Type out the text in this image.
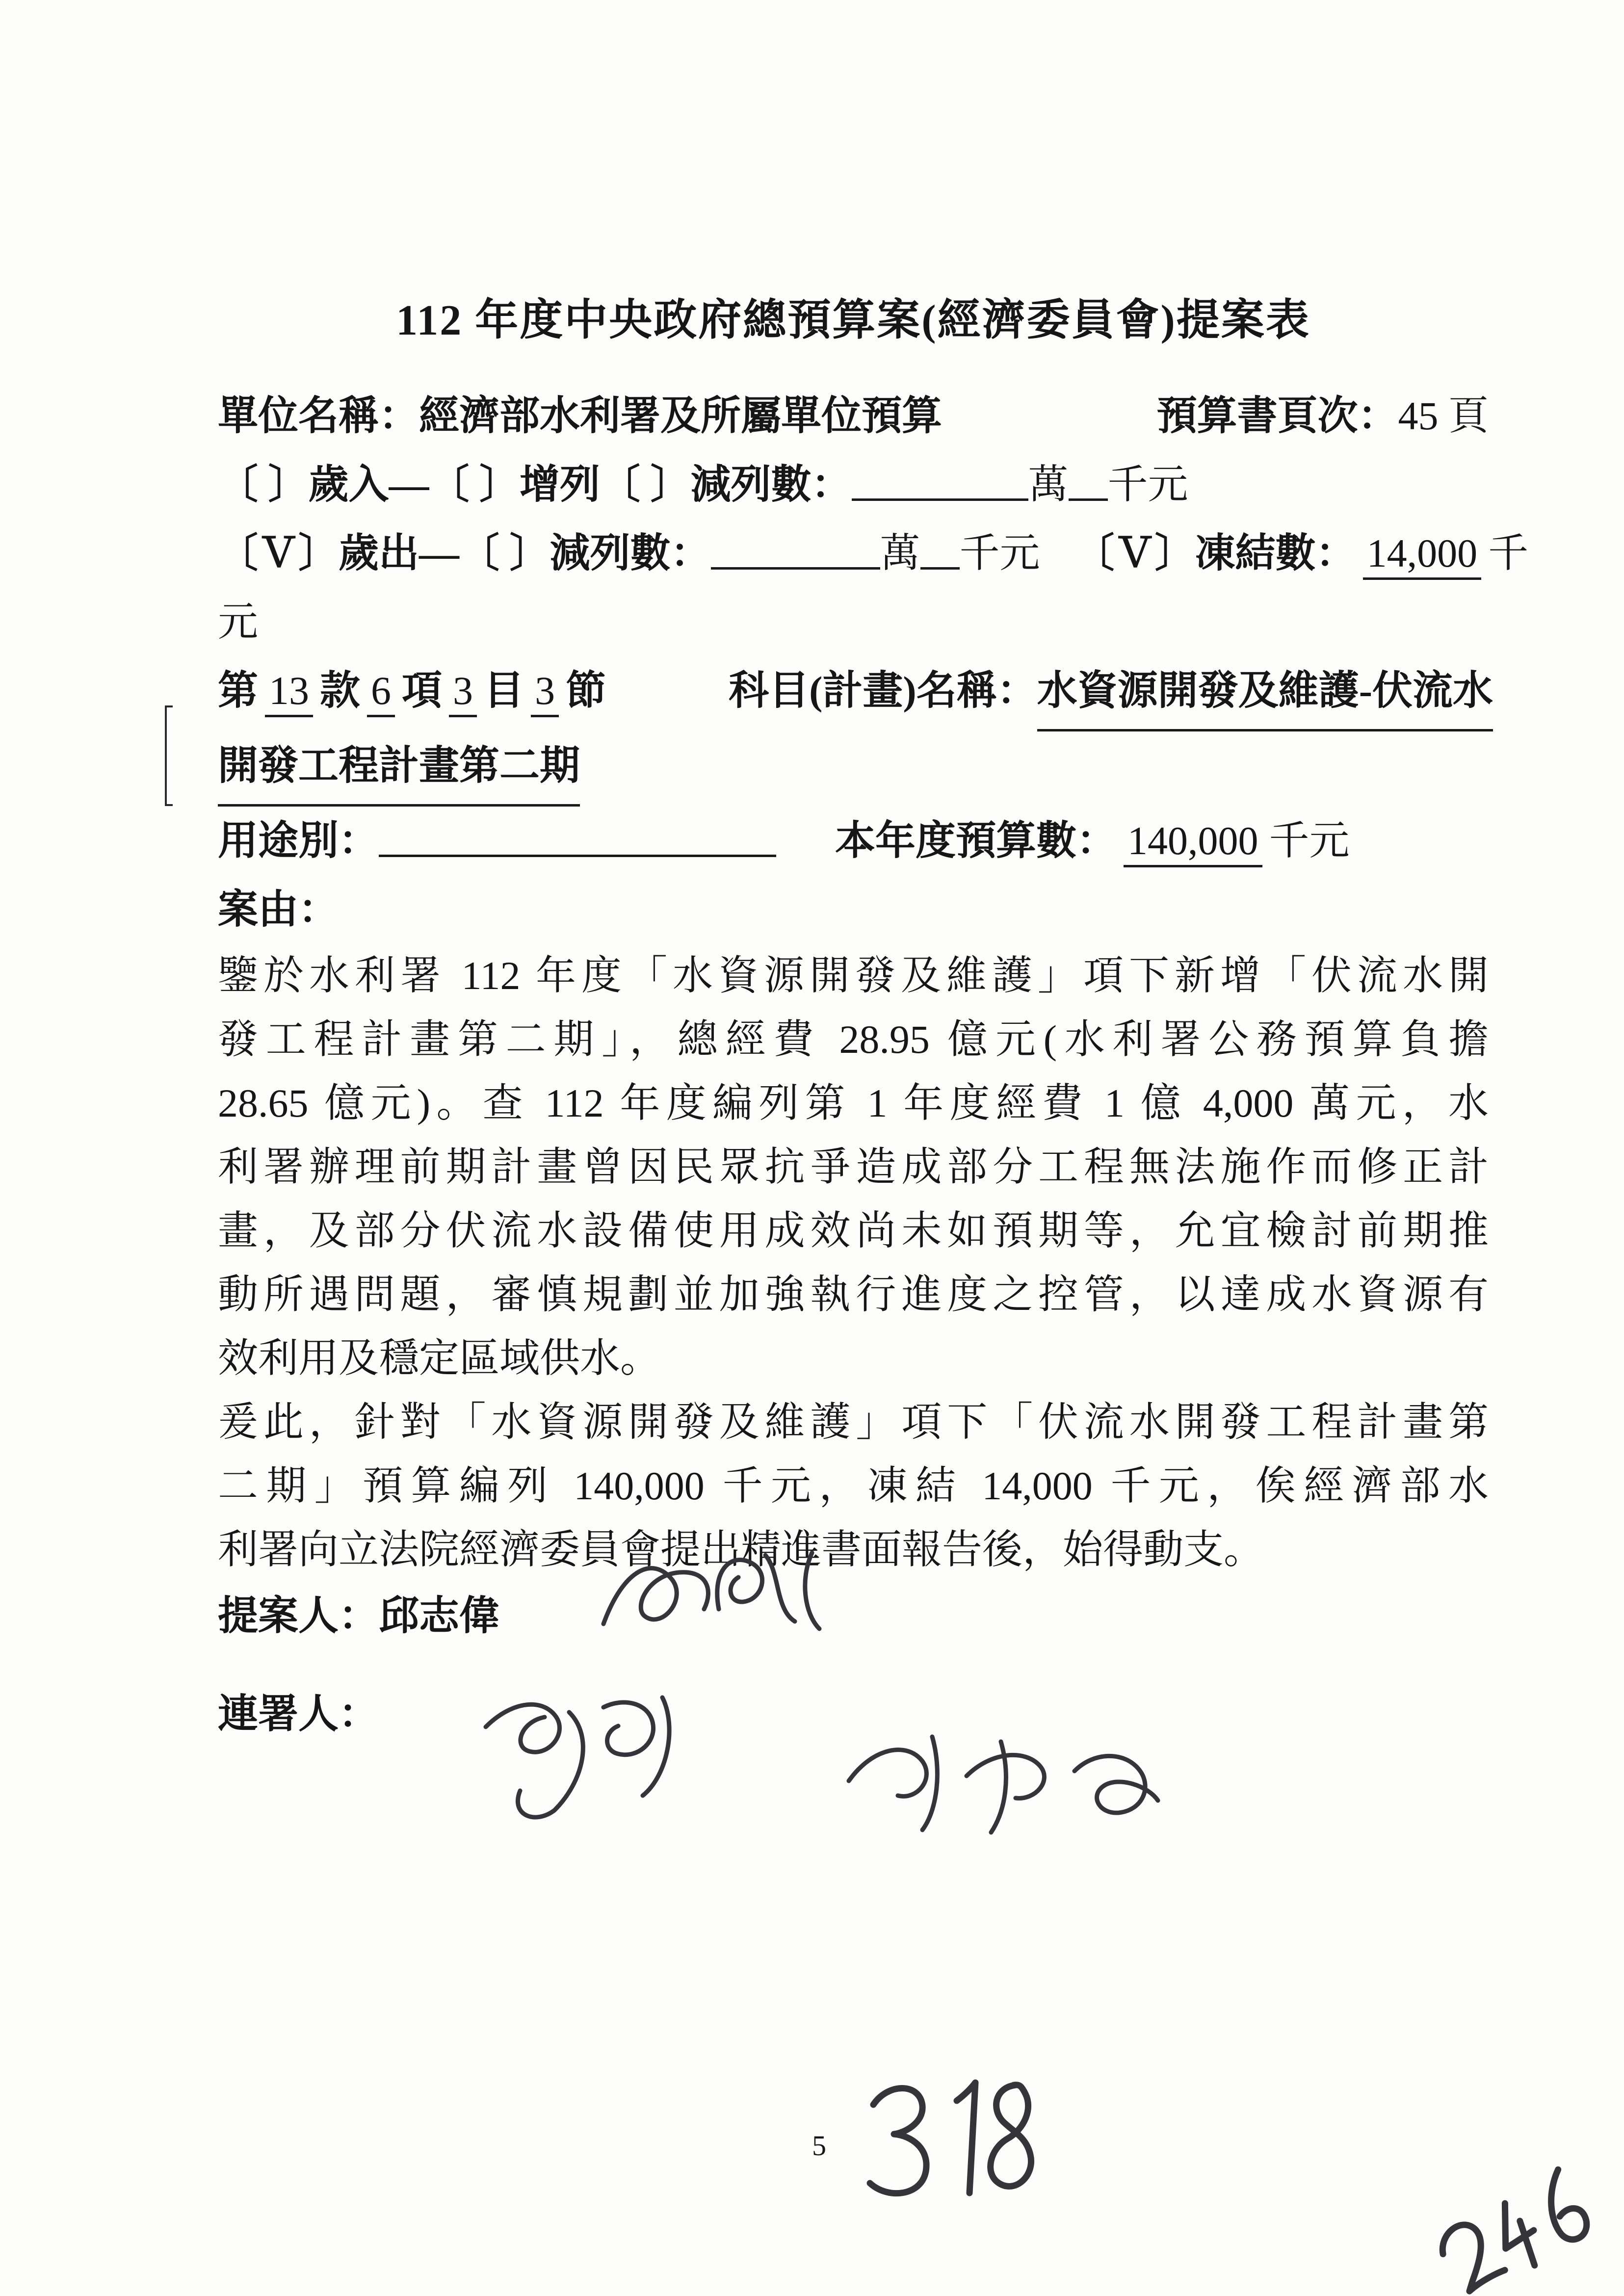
112 年度中央政府總預算案(經濟委員會)提案表
單位名稱：經濟部水利署及所屬單位預算	預算書頁次：45 頁
〔 〕歲入—〔 〕增列〔 〕減列數：	萬 千元
〔Ｖ〕歲出—〔 〕減列數：	萬 千元 〔Ｖ〕凍結數： 14,000 千
元
第 13 款 6 項 3 目 3 節	科目(計畫)名稱：水資源開發及維護-伏流水
開發工程計畫第二期
用途別：	本年度預算數： 140,000 千元
案由：
鑒於水利署 112 年度「水資源開發及維護」項下新增「伏流水開
發工程計畫第二期」，總經費 28.95 億元(水利署公務預算負擔
28.65 億元)。查 112 年度編列第 1 年度經費 1 億 4,000 萬元，水
利署辦理前期計畫曾因民眾抗爭造成部分工程無法施作而修正計
畫，及部分伏流水設備使用成效尚未如預期等，允宜檢討前期推
動所遇問題，審慎規劃並加強執行進度之控管，以達成水資源有
效利用及穩定區域供水。
爰此，針對「水資源開發及維護」項下「伏流水開發工程計畫第
二期」預算編列 140,000 千元，凍結 14,000 千元，俟經濟部水
利署向立法院經濟委員會提出精進書面報告後，始得動支。
提案人：邱志偉
連署人：
5
